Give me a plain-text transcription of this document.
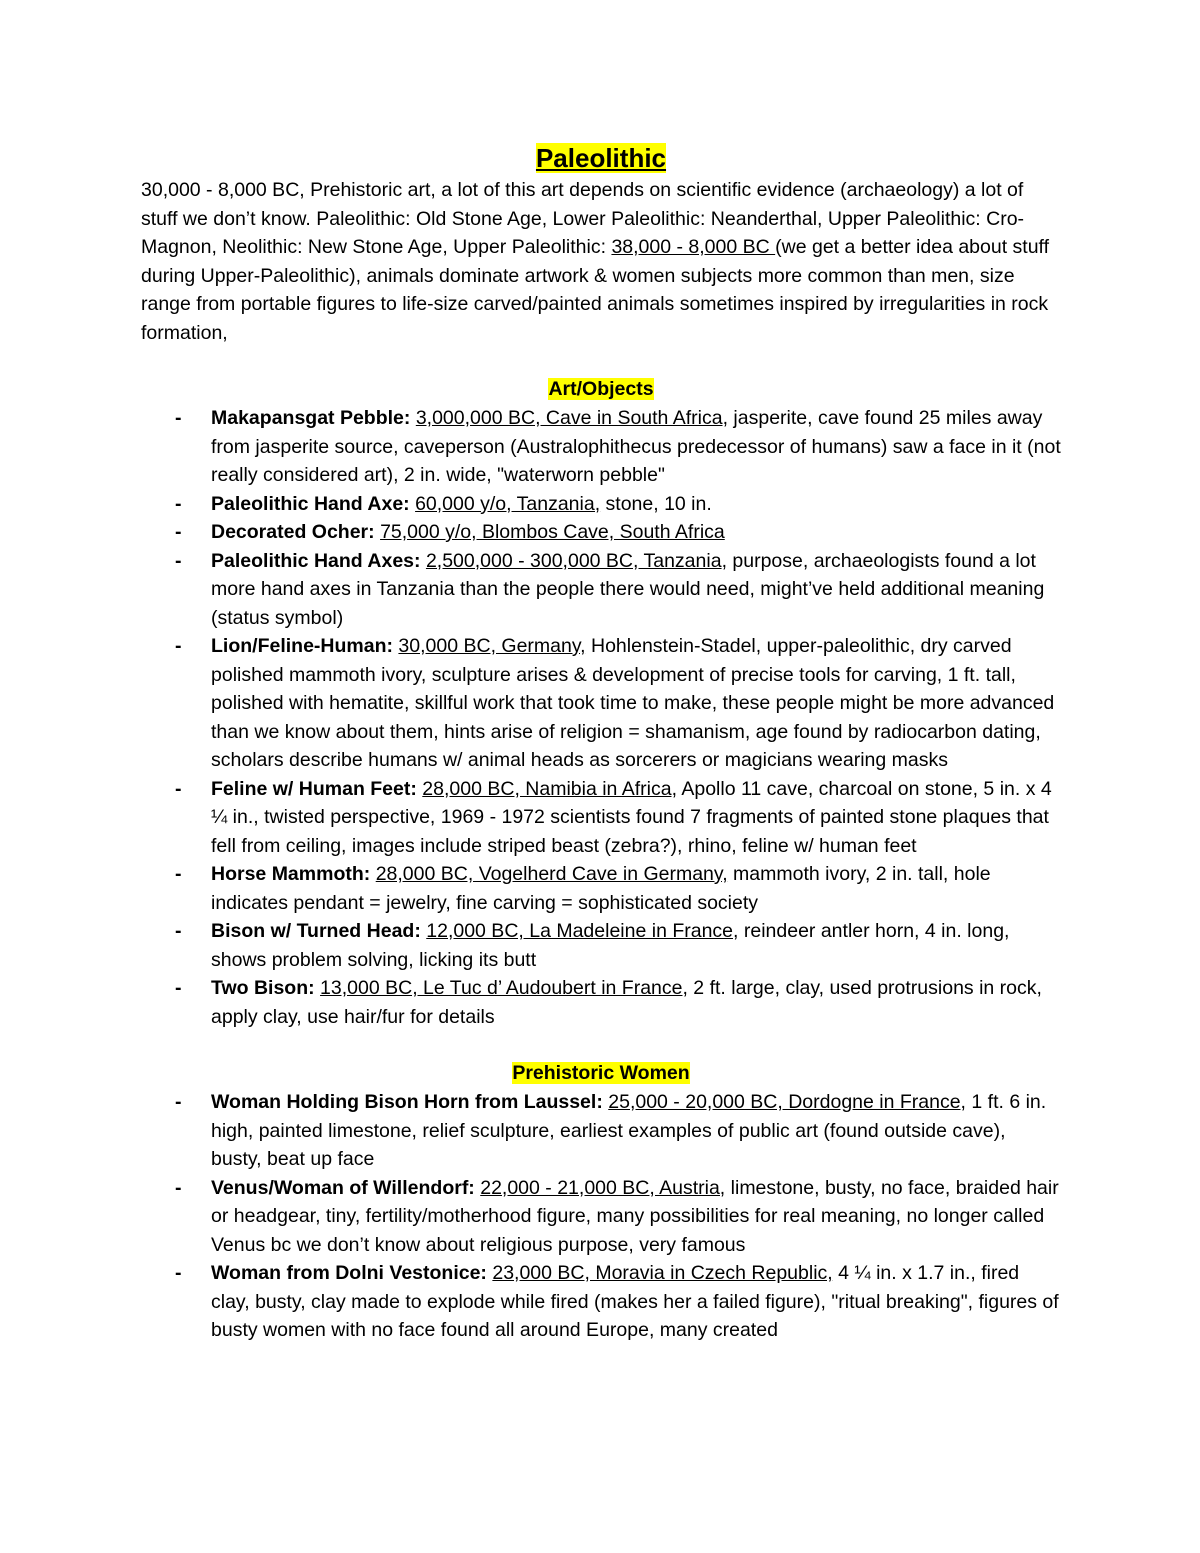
Paleolithic

30,000 - 8,000 BC, Prehistoric art, a lot of this art depends on scientific evidence (archaeology) a lot of stuff we don’t know. Paleolithic: Old Stone Age, Lower Paleolithic: Neanderthal, Upper Paleolithic: Cro-Magnon, Neolithic: New Stone Age, Upper Paleolithic: 38,000 - 8,000 BC (we get a better idea about stuff during Upper-Paleolithic), animals dominate artwork & women subjects more common than men, size range from portable figures to life-size carved/painted animals sometimes inspired by irregularities in rock formation,

Art/Objects
- Makapansgat Pebble: 3,000,000 BC, Cave in South Africa, jasperite, cave found 25 miles away from jasperite source, caveperson (Australophithecus predecessor of humans) saw a face in it (not really considered art), 2 in. wide, "waterworn pebble"
- Paleolithic Hand Axe: 60,000 y/o, Tanzania, stone, 10 in.
- Decorated Ocher: 75,000 y/o, Blombos Cave, South Africa
- Paleolithic Hand Axes: 2,500,000 - 300,000 BC, Tanzania, purpose, archaeologists found a lot more hand axes in Tanzania than the people there would need, might’ve held additional meaning (status symbol)
- Lion/Feline-Human: 30,000 BC, Germany, Hohlenstein-Stadel, upper-paleolithic, dry carved polished mammoth ivory, sculpture arises & development of precise tools for carving, 1 ft. tall, polished with hematite, skillful work that took time to make, these people might be more advanced than we know about them, hints arise of religion = shamanism, age found by radiocarbon dating, scholars describe humans w/ animal heads as sorcerers or magicians wearing masks
- Feline w/ Human Feet: 28,000 BC, Namibia in Africa, Apollo 11 cave, charcoal on stone, 5 in. x 4 ¼ in., twisted perspective, 1969 - 1972 scientists found 7 fragments of painted stone plaques that fell from ceiling, images include striped beast (zebra?), rhino, feline w/ human feet
- Horse Mammoth: 28,000 BC, Vogelherd Cave in Germany, mammoth ivory, 2 in. tall, hole indicates pendant = jewelry, fine carving = sophisticated society
- Bison w/ Turned Head: 12,000 BC, La Madeleine in France, reindeer antler horn, 4 in. long, shows problem solving, licking its butt
- Two Bison: 13,000 BC, Le Tuc d’ Audoubert in France, 2 ft. large, clay, used protrusions in rock, apply clay, use hair/fur for details
Prehistoric Women
- Woman Holding Bison Horn from Laussel: 25,000 - 20,000 BC, Dordogne in France, 1 ft. 6 in. high, painted limestone, relief sculpture, earliest examples of public art (found outside cave), busty, beat up face
- Venus/Woman of Willendorf: 22,000 - 21,000 BC, Austria, limestone, busty, no face, braided hair or headgear, tiny, fertility/motherhood figure, many possibilities for real meaning, no longer called Venus bc we don’t know about religious purpose, very famous
- Woman from Dolni Vestonice: 23,000 BC, Moravia in Czech Republic, 4 ¼ in. x 1.7 in., fired clay, busty, clay made to explode while fired (makes her a failed figure), "ritual breaking", figures of busty women with no face found all around Europe, many created
